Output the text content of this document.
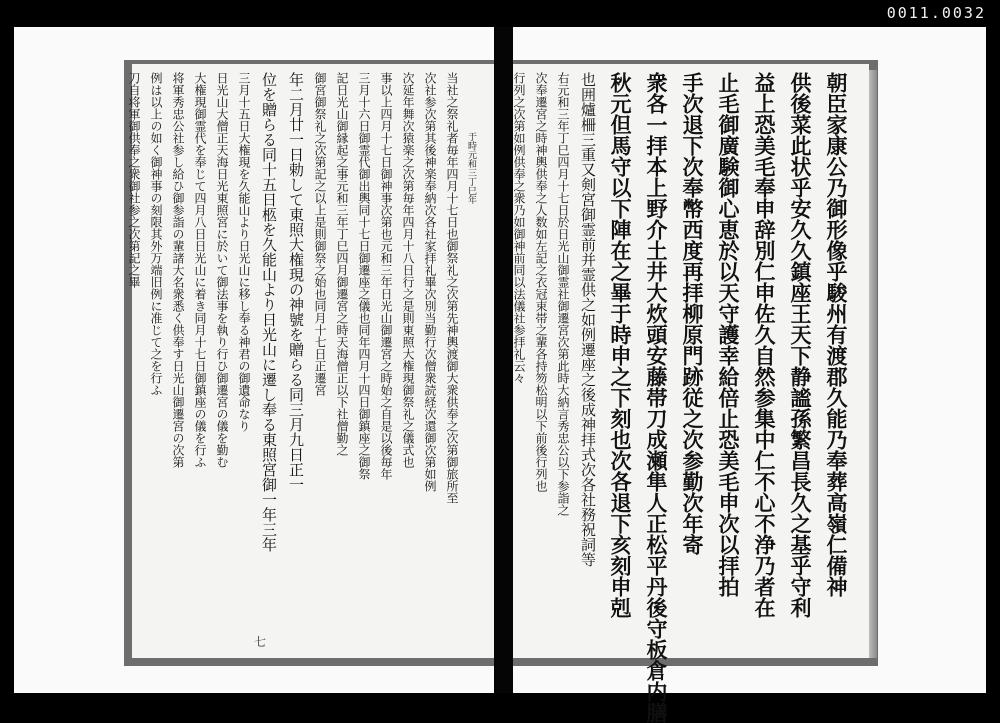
0011.0032
于時元和三丁巳年
当社之祭礼者毎年四月十七日也御祭礼之次第先神輿渡御大衆供奉之次第御旅所至
次社参次第其後神楽奉納次各社家拝礼畢次別当勤行次僧衆読経次還御次第如例
次延年舞次猿楽之次第毎年四月十八日行之是則東照大権現御祭礼之儀式也
事以上四月十七日御神事次第也元和三年日光山御遷宮之時始之自是以後毎年
三月十六日御霊代御出輿同十七日御遷座之儀也同年四月十四日御鎮座之御祭
記日光山御縁起之事元和三年丁巳四月御遷宮之時天海僧正以下社僧勤之
御宮御祭礼之次第記之以上是則御祭之始也同月十七日正遷宮
年二月廿一日勅して東照大権現の神號を贈らる同三月九日正一
位を贈らる同十五日柩を久能山より日光山に遷し奉る東照宮御一年三年
三月十五日大権現を久能山より日光山に移し奉る神君の御遺命なり
日光山大僧正天海日光東照宮に於いて御法事を執り行ひ御遷宮の儀を勤む
大権現御霊代を奉じて四月八日日光山に着き同月十七日御鎮座の儀を行ふ
将軍秀忠公社参し給ひ御参詣の輩諸大名衆悉く供奉す日光山御遷宮の次第
例は以上の如く御神事の刻限其外万端旧例に准じて之を行ふ
刀自将軍御供奉之衆御社参之次第記之畢
七
朝臣家康公乃御形像乎駿州有渡郡久能乃奉葬高嶺仁備神
供後菜此状乎安久久鎮座王天下静謐孫繁昌長久之基乎守利
益上恐美毛奉申辞別仁申佐久自然参集中仁不心不浄乃者在
止毛御廣験御心恵於以天守護幸給倍止恐美毛申次以拝拍
手次退下次奉幣西度再拝柳原門跡従之次参勤次年寄
衆各一拝本上野介土井大炊頭安藤帯刀成瀬隼人正松平丹後守板倉内膳
秋元但馬守以下陣在之畢于時申之下刻也次各退下亥刻申剋
也囲爐柵三重又剣宮御霊前并霊供之如例遷座之後成神拝式次各社務祝詞等
右元和三年丁巳四月十七日於日光山御霊社御遷宮次第此時大納言秀忠公以下参詣之
次奉遷宮之時神輿供奉之人数如左記之衣冠束帯之輩各持笏松明以下前後行列也
行列之次第如例供奉之衆乃如御神前同以法儀社参拝礼云々
